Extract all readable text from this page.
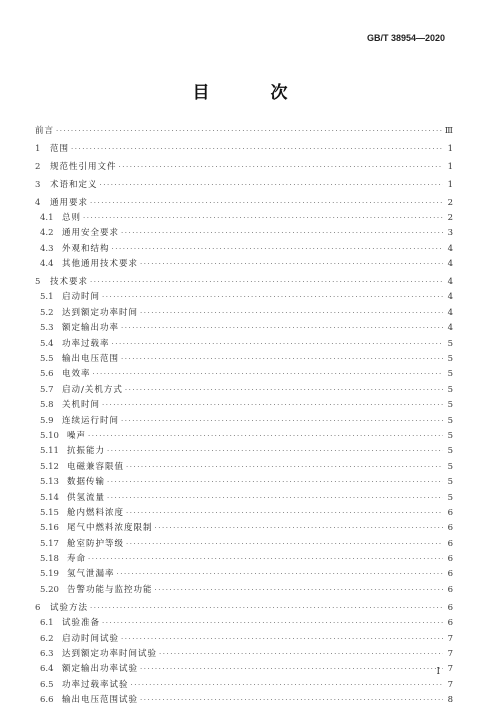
GB/T 38954—2020
目　次
前言 ·····	Ⅲ
1	范围 ·····	1
2	规范性引用文件 ·····	1
3	术语和定义 ·····	1
4	通用要求 ·····	2
4.1 总则 ·····	2
4.2 通用安全要求 ·····	3
4.3 外观和结构 ·····	4
4.4 其他通用技术要求 ·····	4
5	技术要求 ·····	4
5.1 启动时间 ·····	4
5.2 达到额定功率时间 ·····	4
5.3 额定输出功率 ·····	4
5.4 功率过载率 ·····	5
5.5 输出电压范围 ·····	5
5.6 电效率 ·····	5
5.7 启动/关机方式 ·····	5
5.8 关机时间 ·····	5
5.9 连续运行时间 ·····	5
5.10 噪声 ·····	5
5.11 抗振能力 ·····	5
5.12 电磁兼容限值 ·····	5
5.13 数据传输 ·····	5
5.14 供氢流量 ·····	5
5.15 舱内燃料浓度 ·····	6
5.16 尾气中燃料浓度限制 ·····	6
5.17 舱室防护等级 ·····	6
5.18 寿命 ·····	6
5.19 氢气泄漏率 ·····	6
5.20 告警功能与监控功能 ·····	6
6	试验方法 ·····	6
6.1 试验准备 ·····	6
6.2 启动时间试验 ·····	7
6.3 达到额定功率时间试验 ·····	7
6.4 额定输出功率试验 ·····	7
6.5 功率过载率试验 ·····	7
6.6 输出电压范围试验 ·····	8
I
